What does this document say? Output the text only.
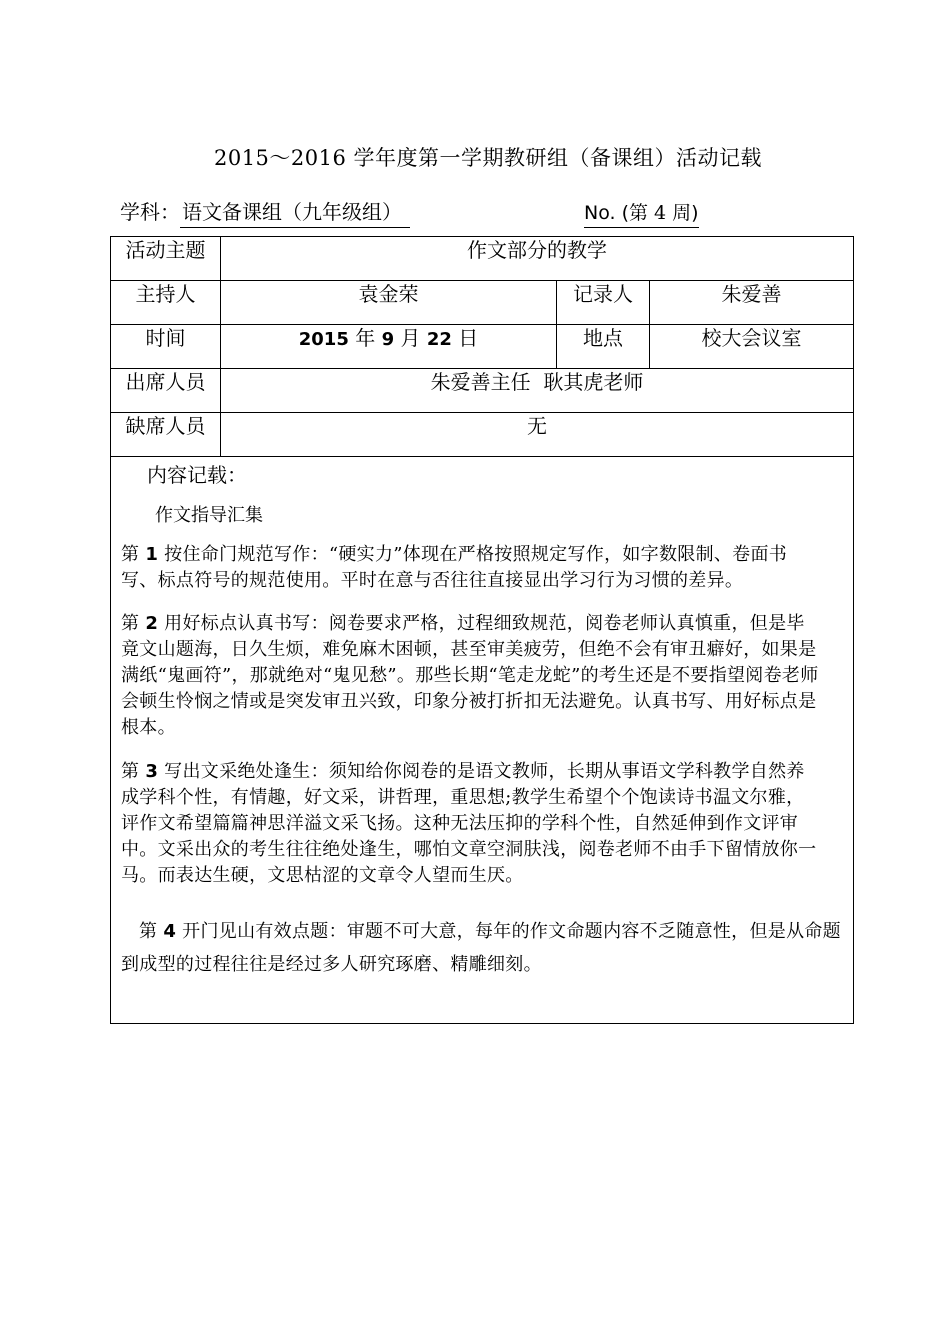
2015～2016 学年度第一学期教研组（备课组）活动记载
学科： 语文备课组（九年级组）	No. (第 4 周)
活动主题	作文部分的教学
主持人	袁金荣	记录人	朱爱善
时间	2015 年 9 月 22 日	地点	校大会议室
出席人员	朱爱善主任  耿其虎老师
缺席人员	无
内容记载：
作文指导汇集
第 1 按住命门规范写作：“硬实力”体现在严格按照规定写作，如字数限制、卷面书写、标点符号的规范使用。平时在意与否往往直接显出学习行为习惯的差异。
第 2 用好标点认真书写：阅卷要求严格，过程细致规范，阅卷老师认真慎重，但是毕竟文山题海，日久生烦，难免麻木困顿，甚至审美疲劳，但绝不会有审丑癖好，如果是满纸“鬼画符”，那就绝对“鬼见愁”。那些长期“笔走龙蛇”的考生还是不要指望阅卷老师会顿生怜悯之情或是突发审丑兴致，印象分被打折扣无法避免。认真书写、用好标点是根本。
第 3 写出文采绝处逢生：须知给你阅卷的是语文教师，长期从事语文学科教学自然养成学科个性，有情趣，好文采，讲哲理，重思想;教学生希望个个饱读诗书温文尔雅，评作文希望篇篇神思洋溢文采飞扬。这种无法压抑的学科个性，自然延伸到作文评审中。文采出众的考生往往绝处逢生，哪怕文章空洞肤浅，阅卷老师不由手下留情放你一马。而表达生硬，文思枯涩的文章令人望而生厌。
第 4 开门见山有效点题：审题不可大意，每年的作文命题内容不乏随意性，但是从命题到成型的过程往往是经过多人研究琢磨、精雕细刻。
